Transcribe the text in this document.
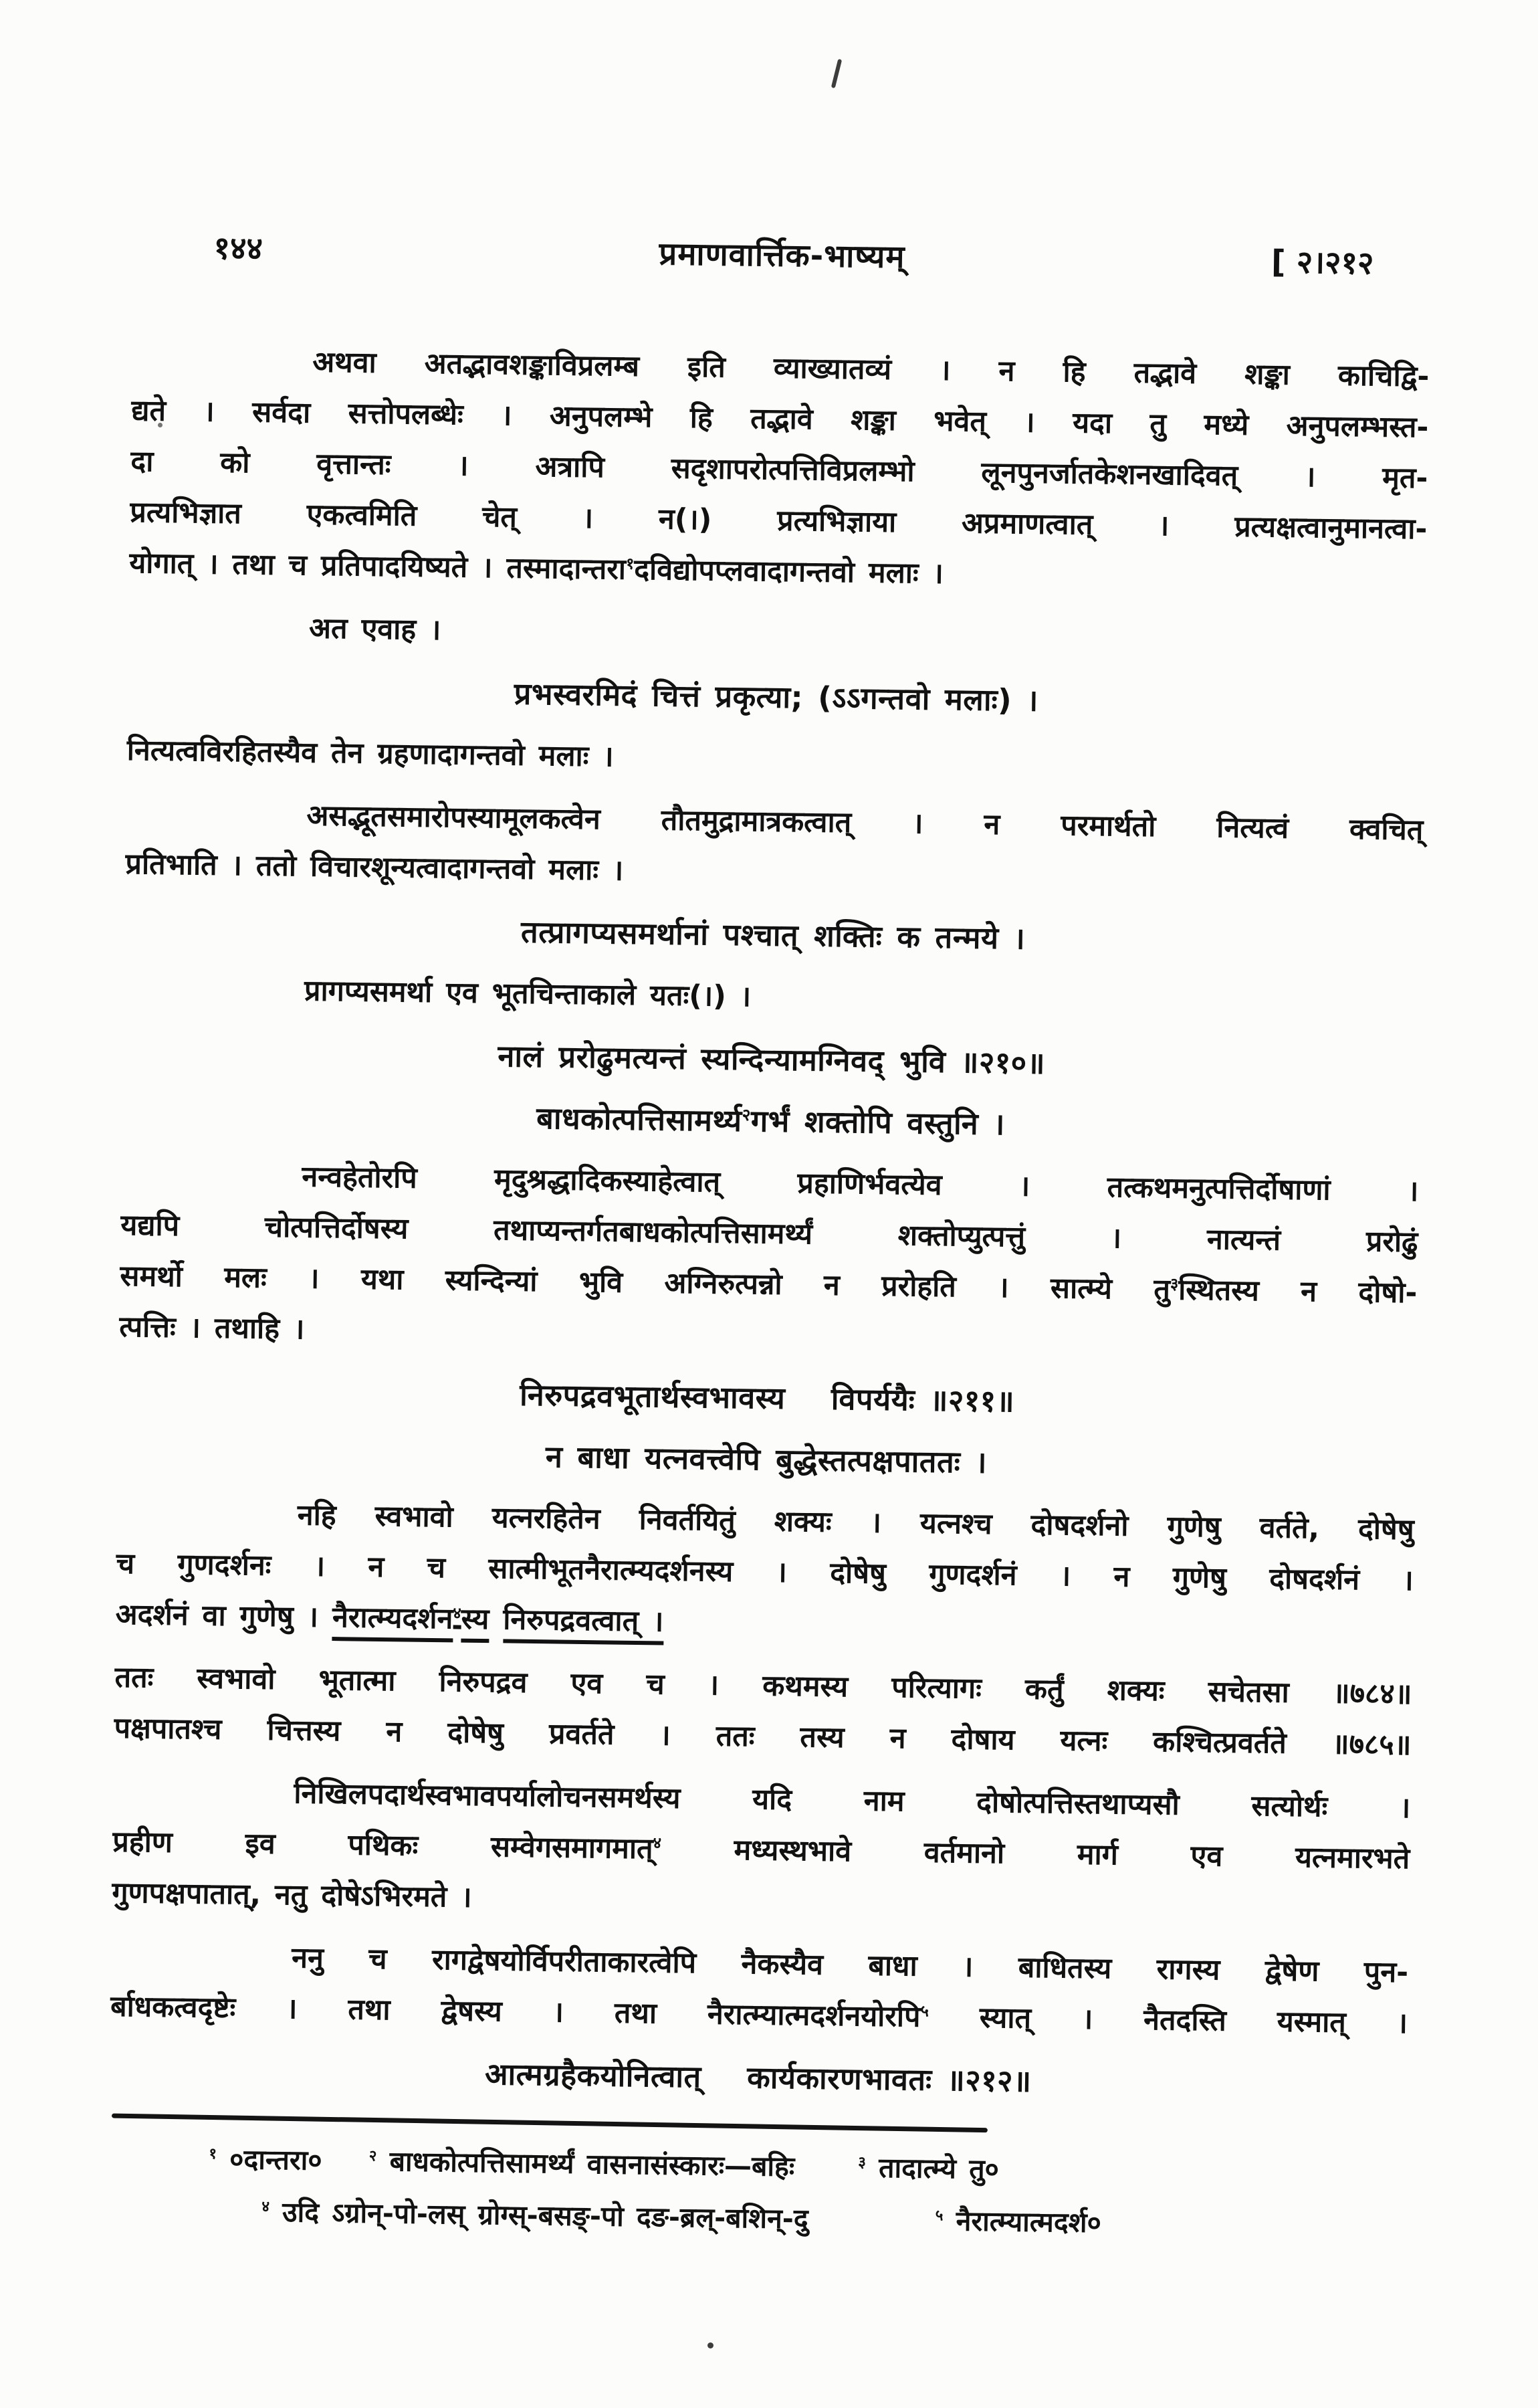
१४४	प्रमाणवार्त्तिक-भाष्यम्	[ २।२१२
अथवा अतद्भावशङ्काविप्रलम्ब इति व्याख्यातव्यं । न हि तद्भावे शङ्का काचिद्वि-
द्यते । सर्वदा सत्तोपलब्धेः । अनुपलम्भे हि तद्भावे शङ्का भवेत् । यदा तु मध्ये अनुपलम्भस्त-
दा को वृत्तान्तः । अत्रापि सदृशापरोत्पत्तिविप्रलम्भो लूनपुनर्जातकेशनखादिवत् । मृत-
प्रत्यभिज्ञात एकत्वमिति चेत् । न(।) प्रत्यभिज्ञाया अप्रमाणत्वात् । प्रत्यक्षत्वानुमानत्वा-
योगात् । तथा च प्रतिपादयिष्यते । तस्मादान्तरा$^१$दविद्योपप्लवादागन्तवो मलाः ।
अत एवाह ।
प्रभस्वरमिदं चित्तं प्रकृत्या; (ऽऽगन्तवो मलाः) ।
नित्यत्वविरहितस्यैव तेन ग्रहणादागन्तवो मलाः ।
असद्भूतसमारोपस्यामूलकत्वेन तौतमुद्रामात्रकत्वात् । न परमार्थतो नित्यत्वं क्वचित्
प्रतिभाति । ततो विचारशून्यत्वादागन्तवो मलाः ।
तत्प्रागप्यसमर्थानां पश्चात् शक्तिः क तन्मये ।
प्रागप्यसमर्था एव भूतचिन्ताकाले यतः(।) ।
नालं प्ररोढुमत्यन्तं स्यन्दिन्यामग्निवद् भुवि ॥२१०॥
बाधकोत्पत्तिसामर्थ्य$^२$गर्भं शक्तोपि वस्तुनि ।
नन्वहेतोरपि मृदुश्रद्धादिकस्याहेत्वात् प्रहाणिर्भवत्येव । तत्कथमनुत्पत्तिर्दोषाणां ।
यद्यपि चोत्पत्तिर्दोषस्य तथाप्यन्तर्गतबाधकोत्पत्तिसामर्थ्यं शक्तोप्युत्पत्तुं । नात्यन्तं प्ररोढुं
समर्थो मलः । यथा स्यन्दिन्यां भुवि अग्निरुत्पन्नो न प्ररोहति । सात्म्ये तु$^३$स्थितस्य न दोषो-
त्पत्तिः । तथाहि ।
निरुपद्रवभूतार्थस्वभावस्य  विपर्ययैः ॥२११॥
न बाधा यत्नवत्त्वेपि बुद्धेस्तत्पक्षपाततः ।
नहि स्वभावो यत्नरहितेन निवर्तयितुं शक्यः । यत्नश्च दोषदर्शनो गुणेषु वर्तते, दोषेषु
च गुणदर्शनः । न च सात्मीभूतनैरात्म्यदर्शनस्य । दोषेषु गुणदर्शनं । न गुणेषु दोषदर्शनं ।
अदर्शनं वा गुणेषु । नैरात्म्यदर्शन$^४$स्य निरुपद्रवत्वात् ।
ततः स्वभावो भूतात्मा निरुपद्रव एव च । कथमस्य परित्यागः कर्तुं शक्यः सचेतसा ॥७८४॥
पक्षपातश्च चित्तस्य न दोषेषु प्रवर्तते । ततः तस्य न दोषाय यत्नः कश्चित्प्रवर्तते ॥७८५॥
निखिलपदार्थस्वभावपर्यालोचनसमर्थस्य यदि नाम दोषोत्पत्तिस्तथाप्यसौ सत्योर्थः ।
प्रहीण इव पथिकः सम्वेगसमागमात्$^४$ मध्यस्थभावे वर्तमानो मार्ग एव यत्नमारभते
गुणपक्षपातात्, नतु दोषेऽभिरमते ।
ननु च रागद्वेषयोर्विपरीताकारत्वेपि नैकस्यैव बाधा । बाधितस्य रागस्य द्वेषेण पुन-
र्बाधकत्वदृष्टेः । तथा द्वेषस्य । तथा नैरात्म्यात्मदर्शनयोरपि$^५$ स्यात् । नैतदस्ति यस्मात् ।
आत्मग्रहैकयोनित्वात्  कार्यकारणभावतः ॥२१२॥
$^१$ ०दान्तरा०	$^२$ बाधकोत्पत्तिसामर्थ्यं वासनासंस्कारः—बहिः	$^३$ तादात्म्ये तु०
$^४$ उदि ऽग्रोन्-पो-लस् ग्रोग्स्-बसङ्-पो दङ-ब्रल्-बशिन्-दु	$^५$ नैरात्म्यात्मदर्श०
